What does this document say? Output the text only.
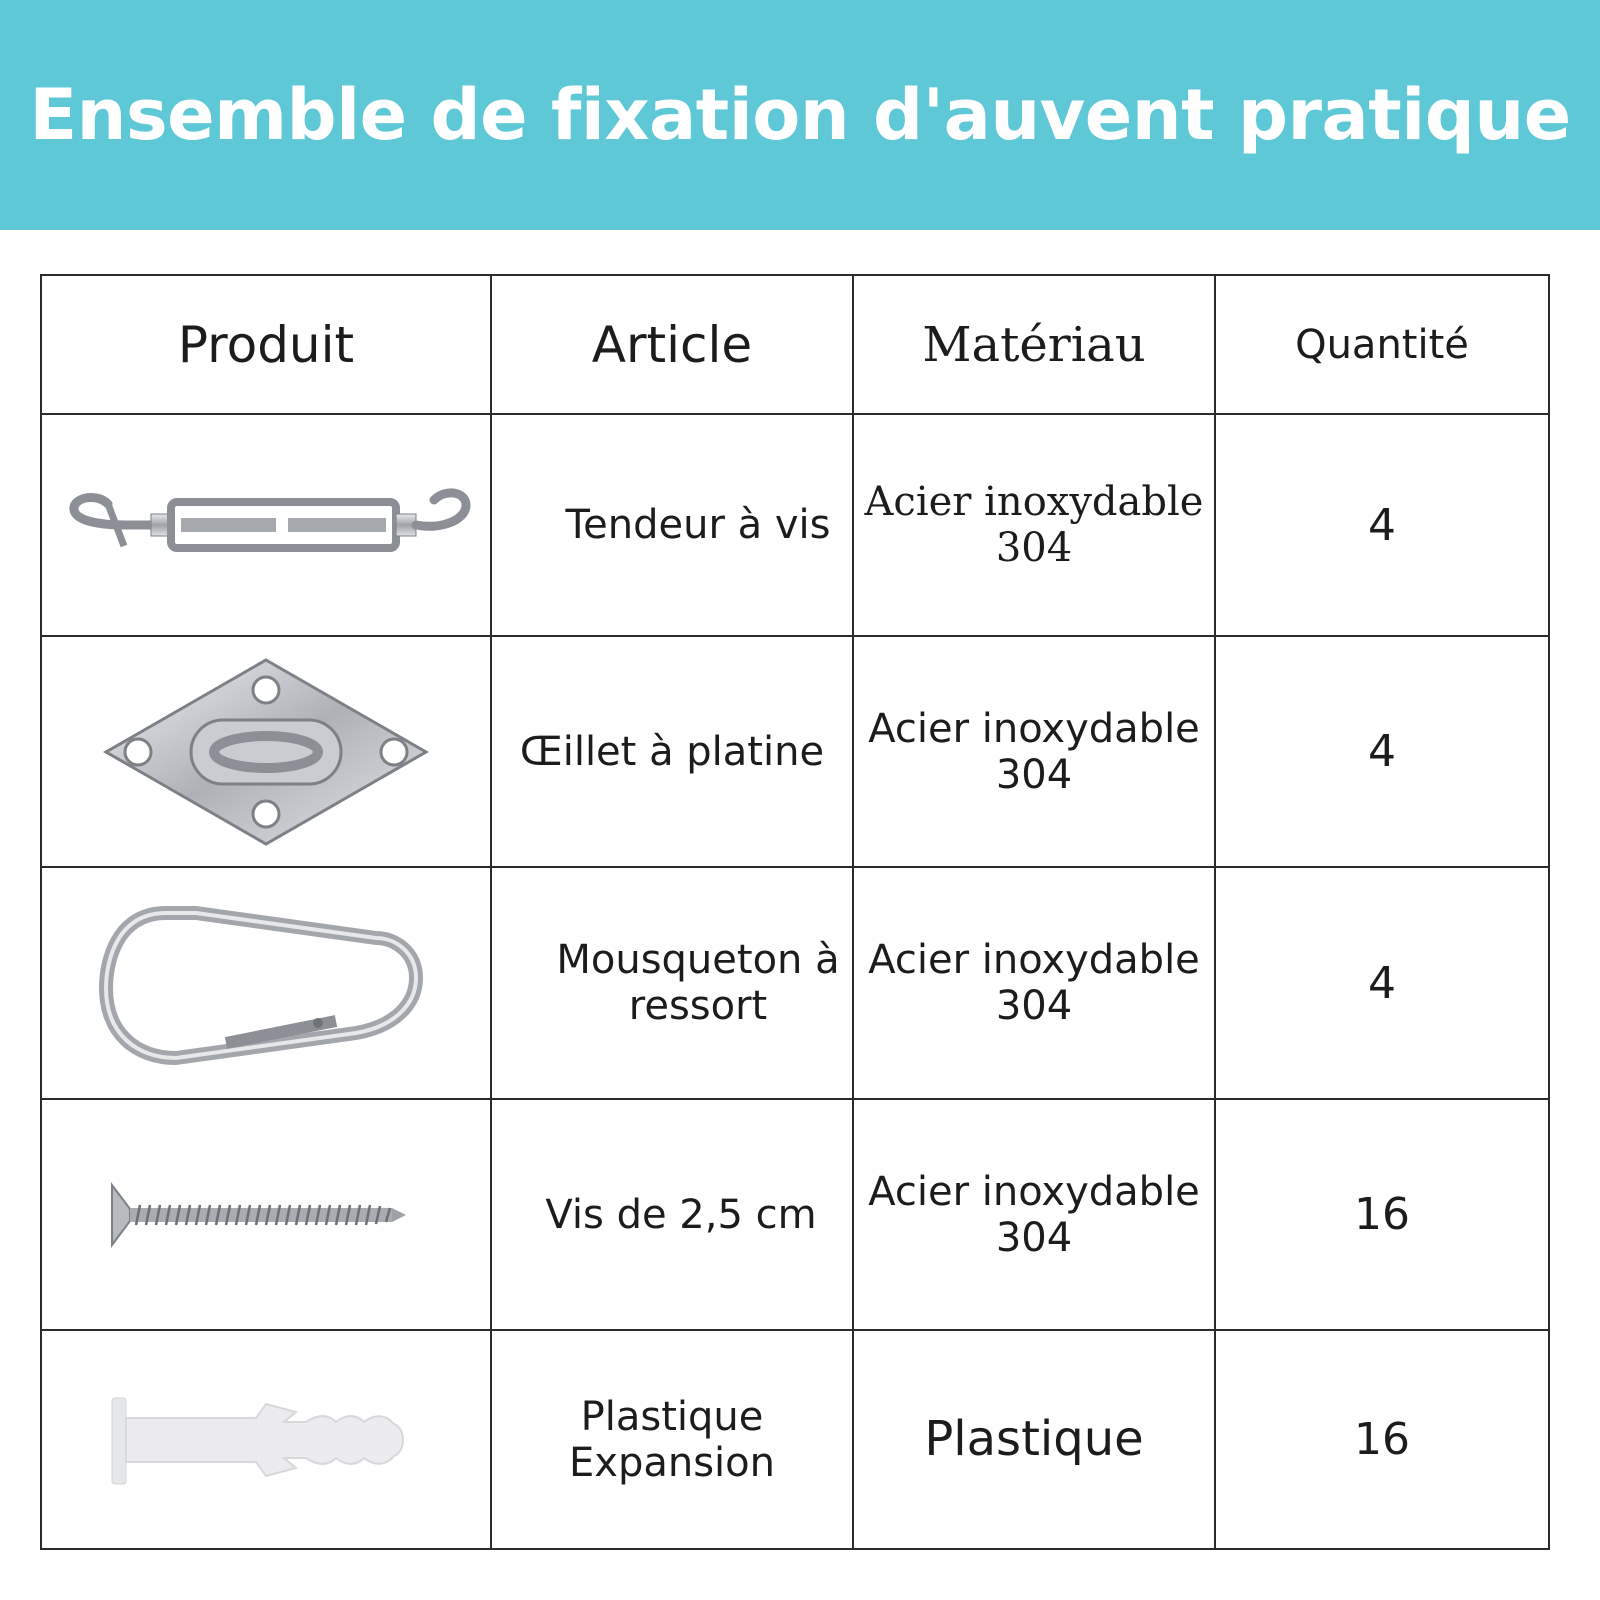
Ensemble de fixation d'auvent pratique
Produit	Article	Matériau	Quantité

	Tendeur à vis	Acier inoxydable 304	4

	Œillet à platine	Acier inoxydable 304	4

	Mousqueton à ressort	Acier inoxydable 304	4

	Vis de 2,5 cm	Acier inoxydable 304	16

	Plastique Expansion	Plastique	16
